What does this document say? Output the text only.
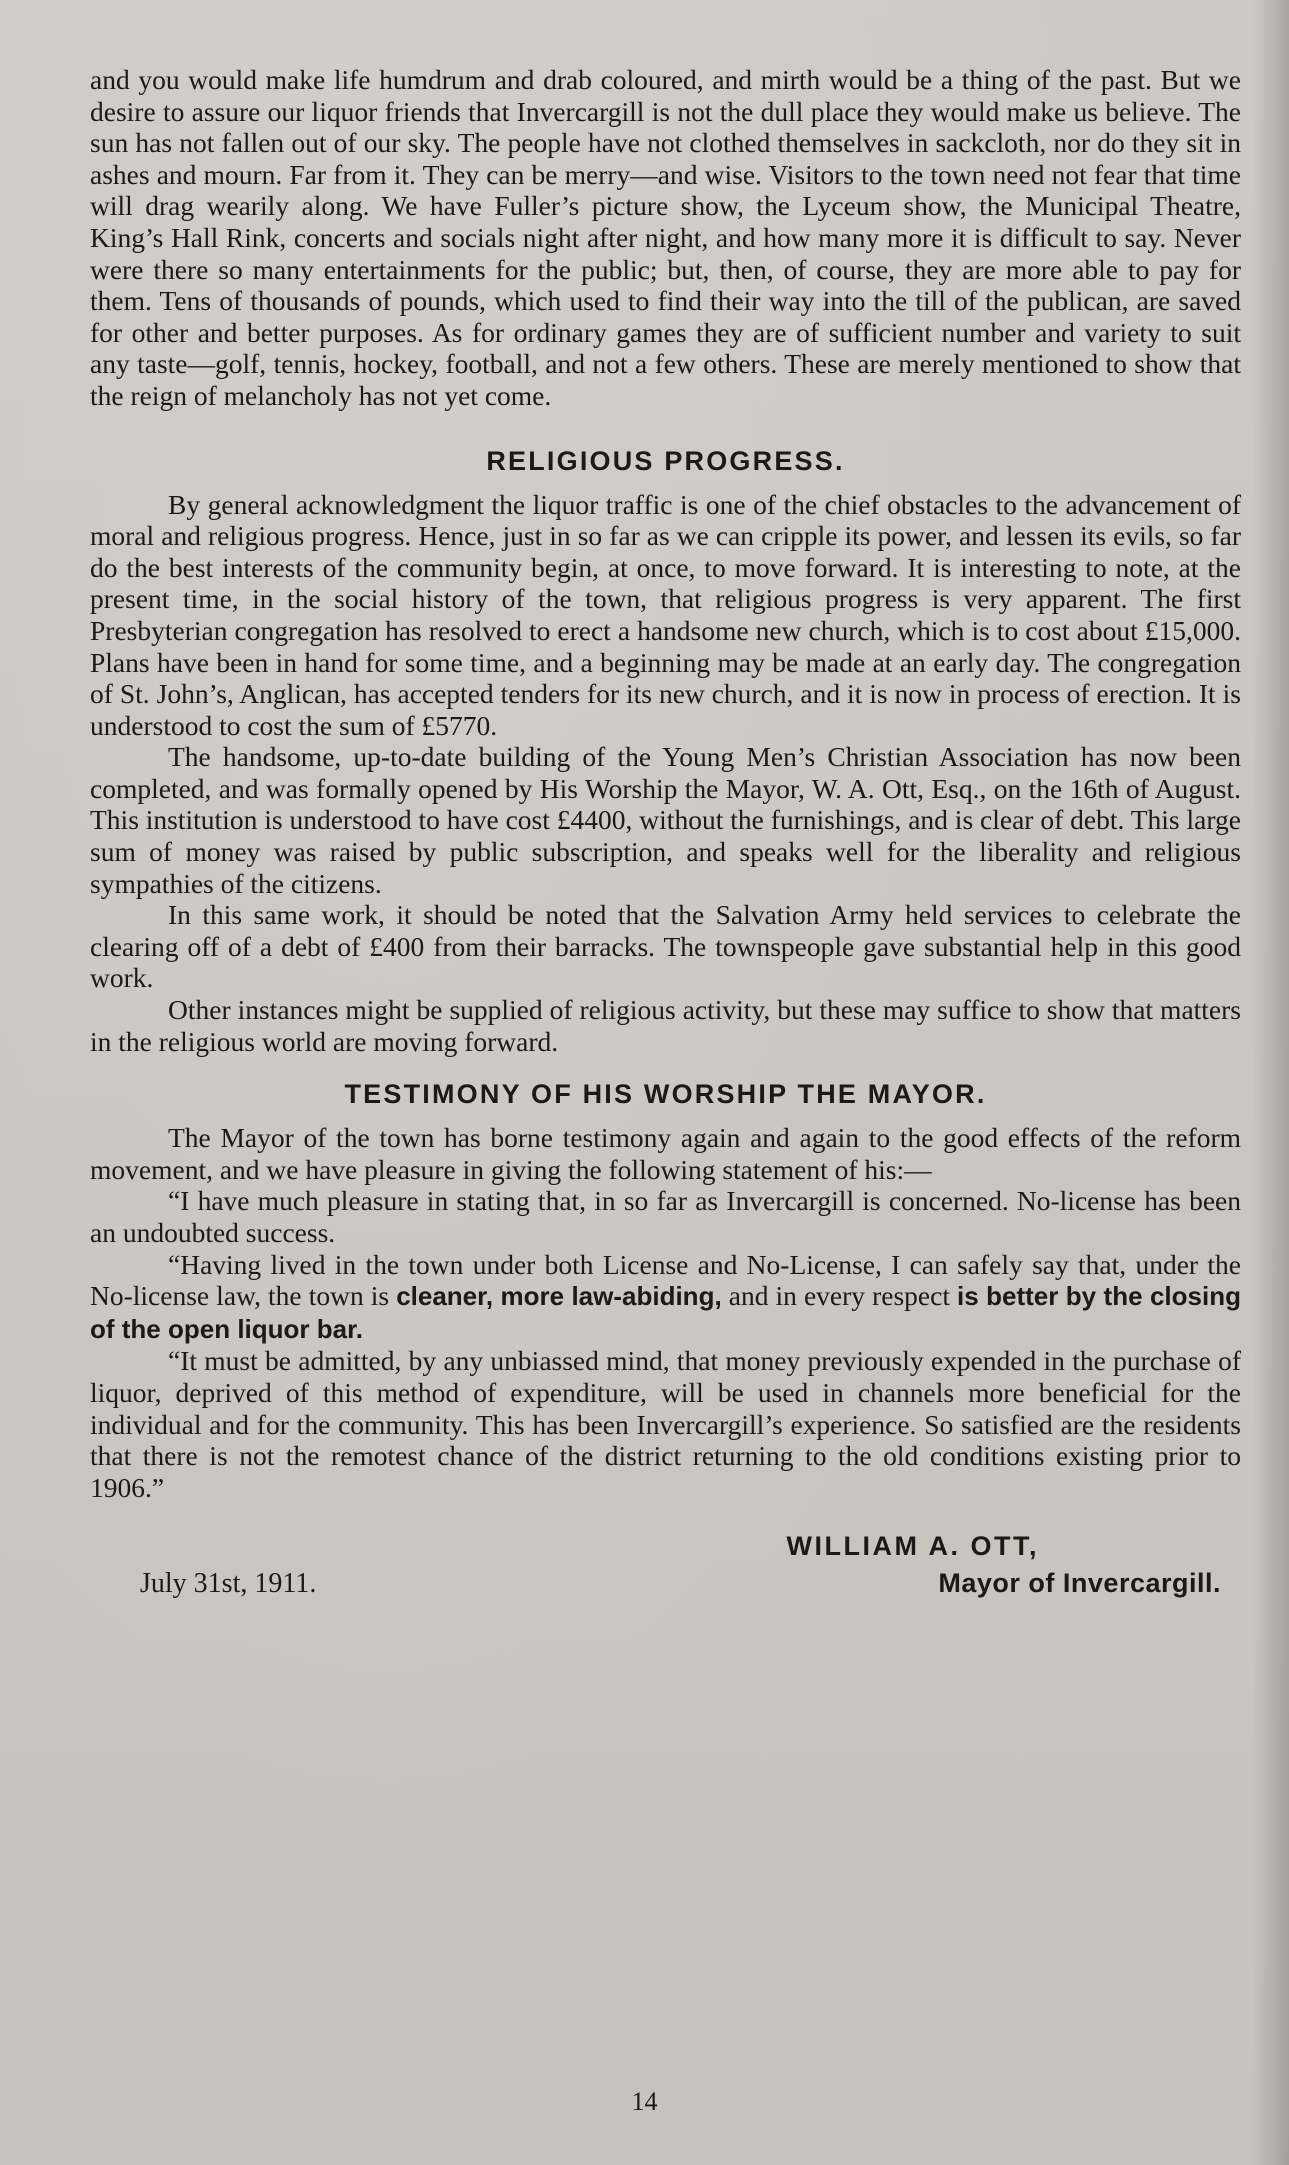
and you would make life humdrum and drab coloured, and mirth would be a thing of the past. But we desire to assure our liquor friends that Invercargill is not the dull place they would make us believe. The sun has not fallen out of our sky. The people have not clothed themselves in sackcloth, nor do they sit in ashes and mourn. Far from it. They can be merry—and wise. Visitors to the town need not fear that time will drag wearily along. We have Fuller’s picture show, the Lyceum show, the Municipal Theatre, King’s Hall Rink, concerts and socials night after night, and how many more it is difficult to say. Never were there so many entertainments for the public; but, then, of course, they are more able to pay for them. Tens of thousands of pounds, which used to find their way into the till of the publican, are saved for other and better purposes. As for ordinary games they are of sufficient number and variety to suit any taste—golf, tennis, hockey, football, and not a few others. These are merely mentioned to show that the reign of melancholy has not yet come.

RELIGIOUS PROGRESS.

By general acknowledgment the liquor traffic is one of the chief obstacles to the advancement of moral and religious progress. Hence, just in so far as we can cripple its power, and lessen its evils, so far do the best interests of the community begin, at once, to move forward. It is interesting to note, at the present time, in the social history of the town, that religious progress is very apparent. The first Presbyterian congregation has resolved to erect a handsome new church, which is to cost about £15,000. Plans have been in hand for some time, and a beginning may be made at an early day. The congregation of St. John’s, Anglican, has accepted tenders for its new church, and it is now in process of erection. It is understood to cost the sum of £5770.

The handsome, up-to-date building of the Young Men’s Christian Association has now been completed, and was formally opened by His Worship the Mayor, W. A. Ott, Esq., on the 16th of August. This institution is understood to have cost £4400, without the furnishings, and is clear of debt. This large sum of money was raised by public subscription, and speaks well for the liberality and religious sympathies of the citizens.

In this same work, it should be noted that the Salvation Army held services to celebrate the clearing off of a debt of £400 from their barracks. The townspeople gave substantial help in this good work.

Other instances might be supplied of religious activity, but these may suffice to show that matters in the religious world are moving forward.

TESTIMONY OF HIS WORSHIP THE MAYOR.

The Mayor of the town has borne testimony again and again to the good effects of the reform movement, and we have pleasure in giving the following statement of his:—

“I have much pleasure in stating that, in so far as Invercargill is concerned. No-license has been an undoubted success.

“Having lived in the town under both License and No-License, I can safely say that, under the No-license law, the town is cleaner, more law-abiding, and in every respect is better by the closing of the open liquor bar.

“It must be admitted, by any unbiassed mind, that money previously expended in the purchase of liquor, deprived of this method of expenditure, will be used in channels more beneficial for the individual and for the community. This has been Invercargill’s experience. So satisfied are the residents that there is not the remotest chance of the district returning to the old conditions existing prior to 1906.”

WILLIAM A. OTT,
July 31st, 1911.	Mayor of Invercargill.
14
